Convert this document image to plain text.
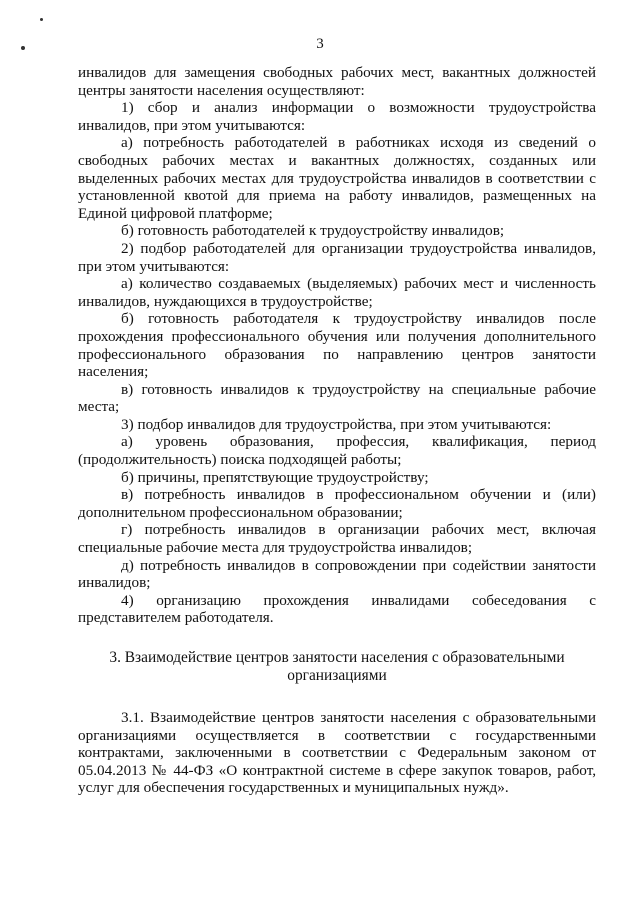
3

инвалидов для замещения свободных рабочих мест, вакантных должностей

центры занятости населения осуществляют:

1) сбор и анализ информации о возможности трудоустройства инвалидов, при этом учитываются:

а) потребность работодателей в работниках исходя из сведений о свободных рабочих местах и вакантных должностях, созданных или выделенных рабочих местах для трудоустройства инвалидов в соответствии с установленной квотой для приема на работу инвалидов, размещенных на Единой цифровой платформе;

б) готовность работодателей к трудоустройству инвалидов;

2) подбор работодателей для организации трудоустройства инвалидов, при этом учитываются:

а) количество создаваемых (выделяемых) рабочих мест и численность инвалидов, нуждающихся в трудоустройстве;

б) готовность работодателя к трудоустройству инвалидов после прохождения профессионального обучения или получения дополнительного профессионального образования по направлению центров занятости населения;

в) готовность инвалидов к трудоустройству на специальные рабочие места;

3) подбор инвалидов для трудоустройства, при этом учитываются:

а) уровень образования, профессия, квалификация, период (продолжительность) поиска подходящей работы;

б) причины, препятствующие трудоустройству;

в) потребность инвалидов в профессиональном обучении и (или) дополнительном профессиональном образовании;

г) потребность инвалидов в организации рабочих мест, включая специальные рабочие места для трудоустройства инвалидов;

д) потребность инвалидов в сопровождении при содействии занятости инвалидов;

4) организацию прохождения инвалидами собеседования с представителем работодателя.

3. Взаимодействие центров занятости населения с образовательными
организациями

3.1. Взаимодействие центров занятости населения с образовательными организациями осуществляется в соответствии с государственными контрактами, заключенными в соответствии с Федеральным законом от 05.04.2013 № 44-ФЗ «О контрактной системе в сфере закупок товаров, работ, услуг для обеспечения государственных и муниципальных нужд».
